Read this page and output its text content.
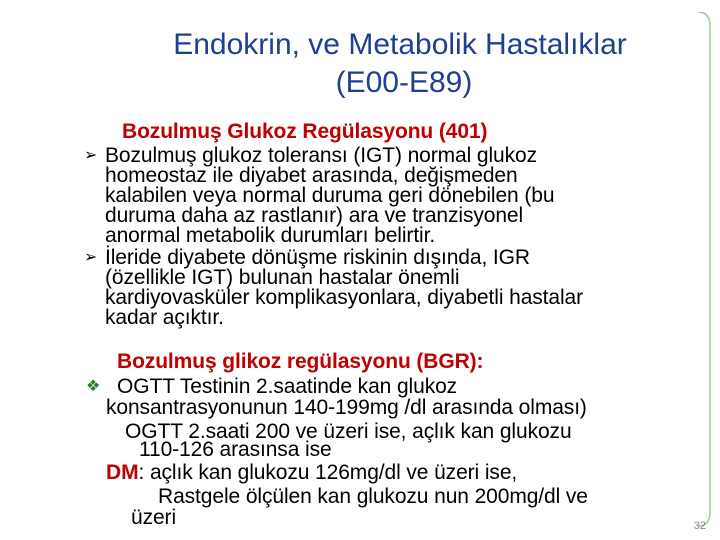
Endokrin, ve Metabolik Hastalıklar
(E00-E89)
Bozulmuş Glukoz Regülasyonu (401)
➢ Bozulmuş glukoz toleransı (IGT) normal glukoz
homeostaz ile diyabet arasında, değişmeden
kalabilen veya normal duruma geri dönebilen (bu
duruma daha az rastlanır) ara ve tranzisyonel
anormal metabolik durumları belirtir.
➢ İleride diyabete dönüşme riskinin dışında, IGR
(özellikle IGT) bulunan hastalar önemli
kardiyovasküler komplikasyonlara, diyabetli hastalar
kadar açıktır.
Bozulmuş glikoz regülasyonu (BGR):
❖ OGTT Testinin 2.saatinde kan glukoz
konsantrasyonunun 140-199mg /dl arasında olması)
OGTT 2.saati 200 ve üzeri ise, açlık kan glukozu
110-126 arasınsa ise
DM: açlık kan glukozu 126mg/dl ve üzeri ise,
Rastgele ölçülen kan glukozu nun 200mg/dl ve
üzeri	32
